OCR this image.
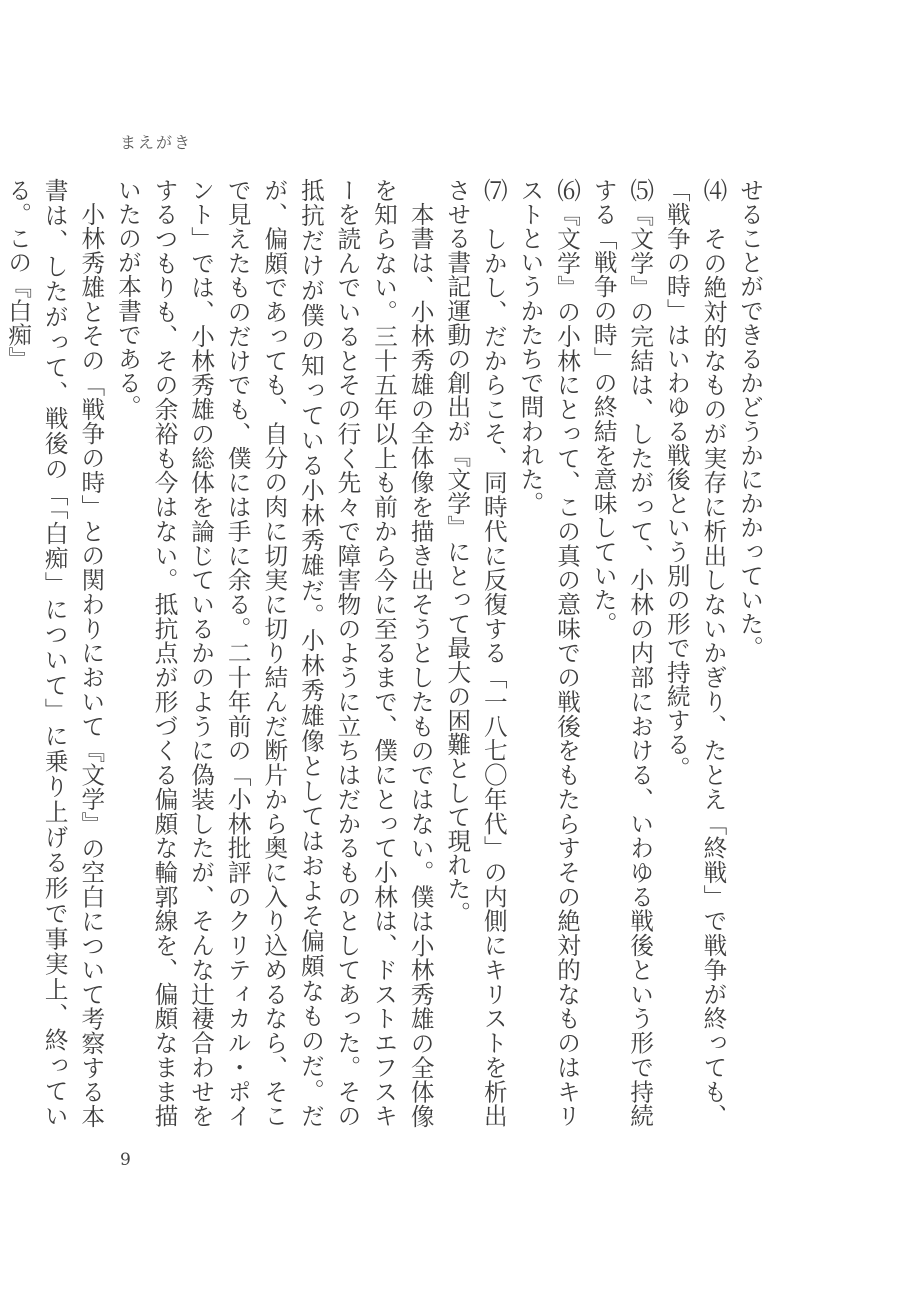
まえがき

せることができるかどうかにかかっていた。

⑷　その絶対的なものが実存に析出しないかぎり、たとえ「終戦」で戦争が終っても、「戦争の時」はいわゆる戦後という別の形で持続する。

⑸『文学』の完結は、したがって、小林の内部における、いわゆる戦後という形で持続する「戦争の時」の終結を意味していた。

⑹『文学』の小林にとって、この真の意味での戦後をもたらすその絶対的なものはキリストというかたちで問われた。

⑺　しかし、だからこそ、同時代に反復する「一八七〇年代」の内側にキリストを析出させる書記運動の創出が『文学』にとって最大の困難として現れた。

本書は、小林秀雄の全体像を描き出そうとしたものではない。僕は小林秀雄の全体像を知らない。三十五年以上も前から今に至るまで、僕にとって小林は、ドストエフスキーを読んでいるとその行く先々で障害物のように立ちはだかるものとしてあった。その抵抗だけが僕の知っている小林秀雄だ。小林秀雄像としてはおよそ偏頗なものだ。だが、偏頗であっても、自分の肉に切実に切り結んだ断片から奥に入り込めるなら、そこで見えたものだけでも、僕には手に余る。二十年前の「小林批評のクリティカル・ポイント」では、小林秀雄の総体を論じているかのように偽装したが、そんな辻褄合わせをするつもりも、その余裕も今はない。抵抗点が形づくる偏頗な輪郭線を、偏頗なまま描いたのが本書である。

小林秀雄とその「戦争の時」との関わりにおいて『文学』の空白について考察する本書は、したがって、戦後の「「白痴」について」に乗り上げる形で事実上、終っている。この『白痴』

9
